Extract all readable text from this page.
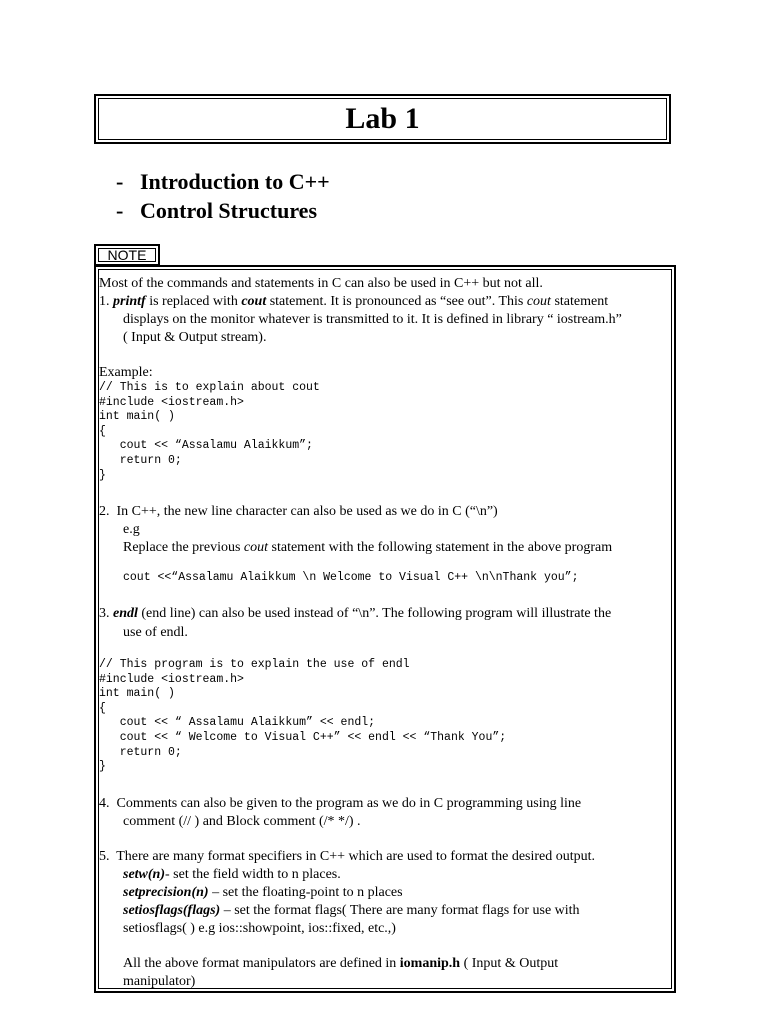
Lab 1
- Introduction to C++
- Control Structures
NOTE
Most of the commands and statements in C can also be used in C++ but not all.
1. printf is replaced with cout statement. It is pronounced as “see out”. This cout statement
displays on the monitor whatever is transmitted to it. It is defined in library “ iostream.h”
( Input & Output stream).
Example:
// This is to explain about cout
#include <iostream.h>
int main( )
{
cout << “Assalamu Alaikkum”;
return 0;
}
2.  In C++, the new line character can also be used as we do in C (“\n”)
e.g
Replace the previous cout statement with the following statement in the above program
cout <<“Assalamu Alaikkum \n Welcome to Visual C++ \n\nThank you”;
3. endl (end line) can also be used instead of “\n”. The following program will illustrate the
use of endl.
// This program is to explain the use of endl
#include <iostream.h>
int main( )
{
cout << “ Assalamu Alaikkum” << endl;
cout << “ Welcome to Visual C++” << endl << “Thank You”;
return 0;
}
4.  Comments can also be given to the program as we do in C programming using line
comment (// ) and Block comment (/* */) .
5.  There are many format specifiers in C++ which are used to format the desired output.
setw(n)- set the field width to n places.
setprecision(n) – set the floating-point to n places
setiosflags(flags) – set the format flags( There are many format flags for use with
setiosflags( ) e.g ios::showpoint, ios::fixed, etc.,)
All the above format manipulators are defined in iomanip.h ( Input & Output
manipulator)
